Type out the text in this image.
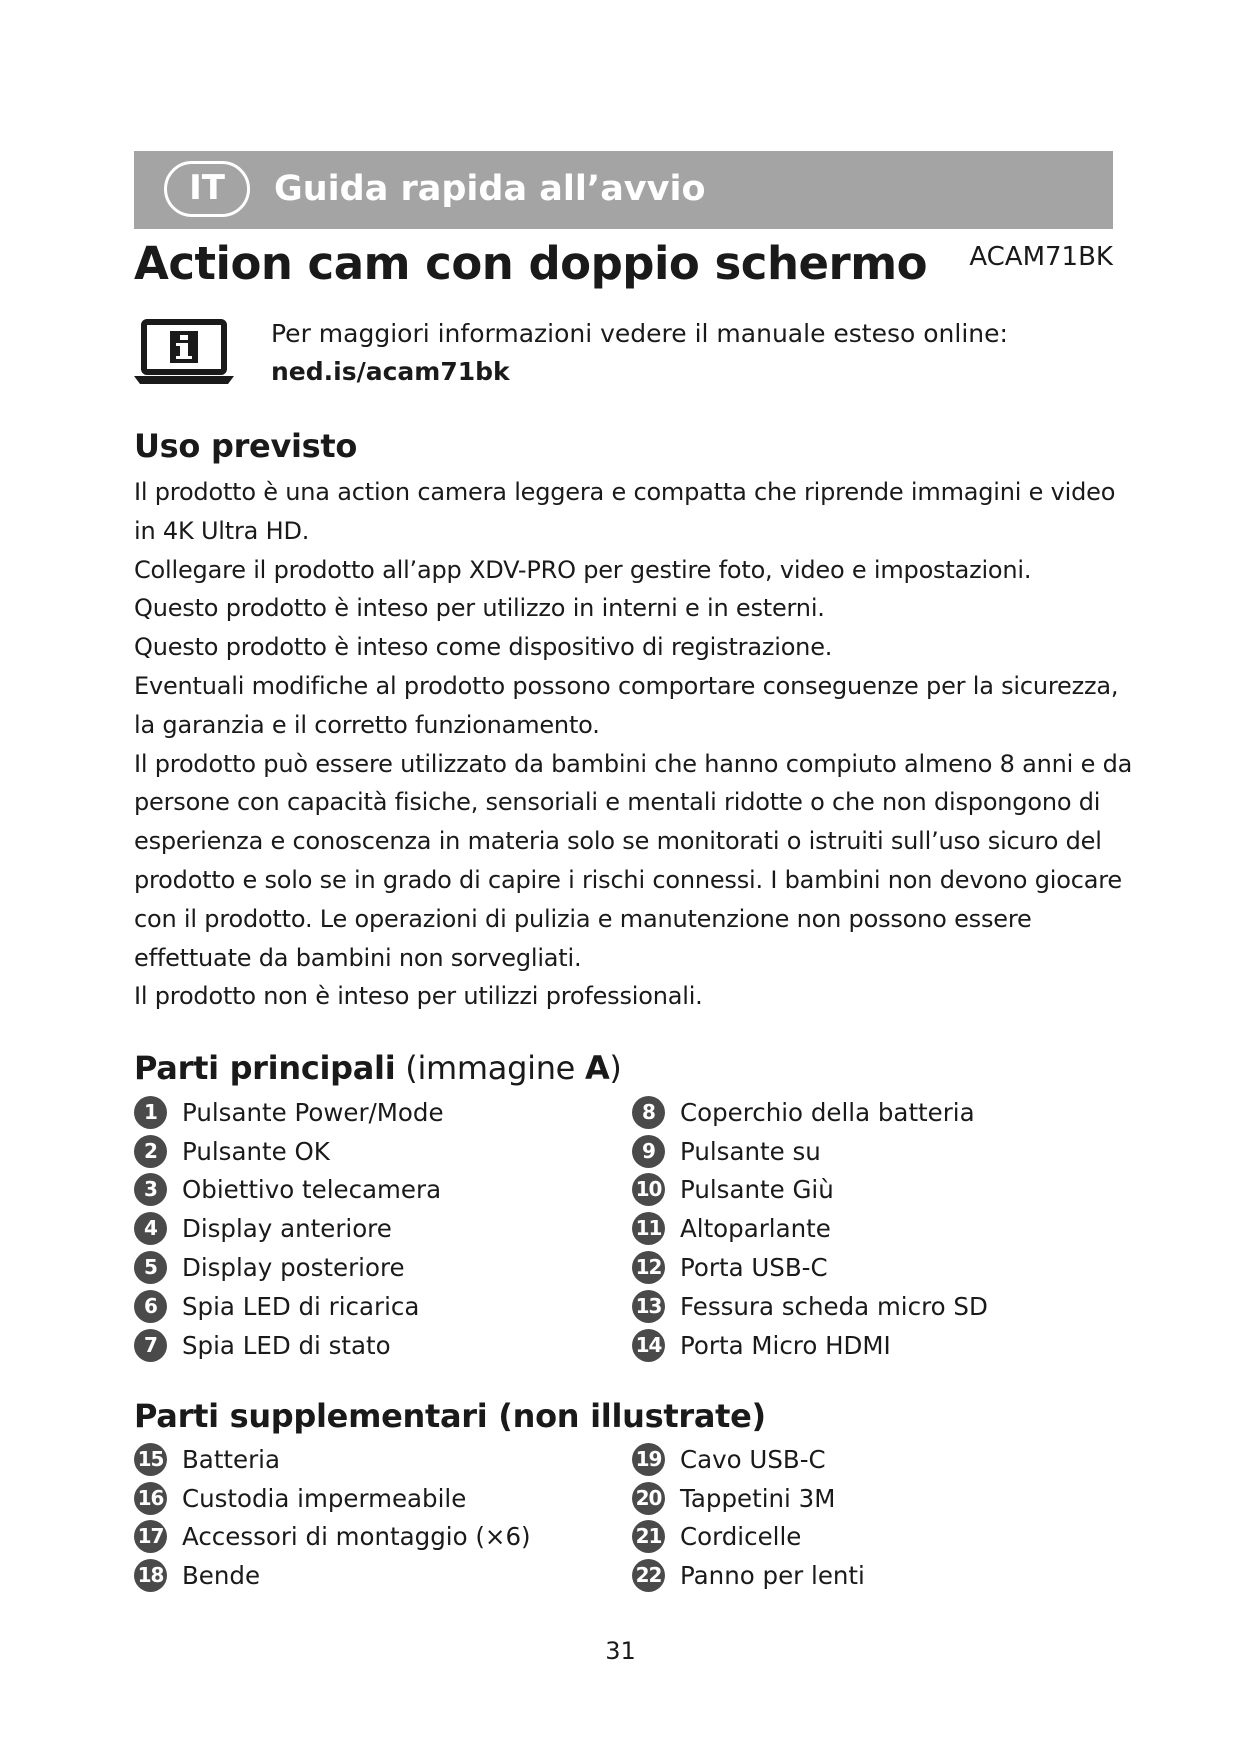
IT	Guida rapida all’avvio
Action cam con doppio schermo ACAM71BK
Per maggiori informazioni vedere il manuale esteso online:
ned.is/acam71bk
Uso previsto

Il prodotto è una action camera leggera e compatta che riprende immagini e video in 4K Ultra HD.

Collegare il prodotto all’app XDV-PRO per gestire foto, video e impostazioni.

Questo prodotto è inteso per utilizzo in interni e in esterni.

Questo prodotto è inteso come dispositivo di registrazione.

Eventuali modifiche al prodotto possono comportare conseguenze per la sicurezza, la garanzia e il corretto funzionamento.

Il prodotto può essere utilizzato da bambini che hanno compiuto almeno 8 anni e da persone con capacità fisiche, sensoriali e mentali ridotte o che non dispongono di esperienza e conoscenza in materia solo se monitorati o istruiti sull’uso sicuro del prodotto e solo se in grado di capire i rischi connessi. I bambini non devono giocare con il prodotto. Le operazioni di pulizia e manutenzione non possono essere effettuate da bambini non sorvegliati.

Il prodotto non è inteso per utilizzi professionali.

Parti principali (immagine A)
1	Pulsante Power/Mode
2	Pulsante OK
3	Obiettivo telecamera
4	Display anteriore
5	Display posteriore
6	Spia LED di ricarica
7	Spia LED di stato
8	Coperchio della batteria
9	Pulsante su
10 Pulsante Giù
11 Altoparlante
12 Porta USB-C
13 Fessura scheda micro SD
14 Porta Micro HDMI
Parti supplementari (non illustrate)
15 Batteria
16 Custodia impermeabile
17 Accessori di montaggio (×6)
18 Bende
19 Cavo USB-C
20 Tappetini 3M
21 Cordicelle
22 Panno per lenti
31
